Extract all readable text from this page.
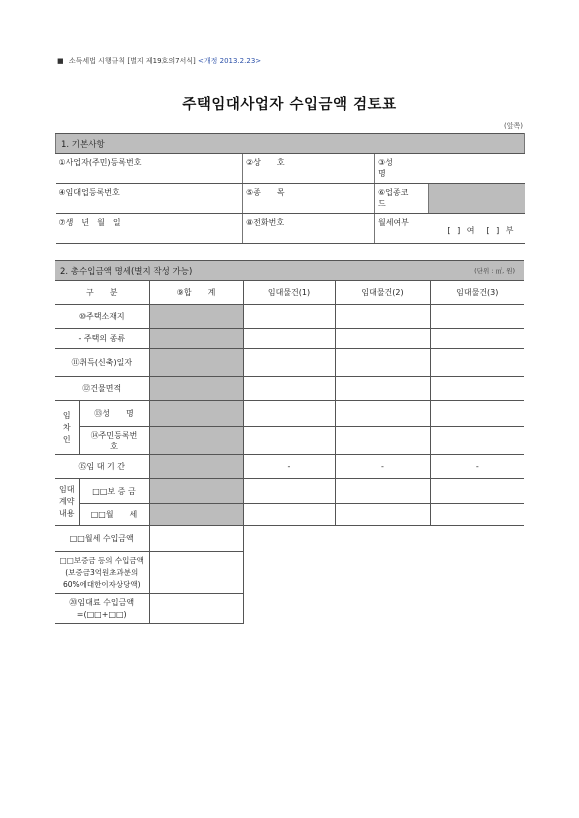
■ 소득세법 시행규칙 [별지 제19호의7서식] <개정 2013.2.23>
주택임대사업자 수입금액 검토표
(앞쪽)
1. 기본사항			
①사업자(주민)등록번호	②상　　호	③성
명	
④임대업등록번호	⑤종　　목	⑥업종코
드	
⑦생　년　월　일	⑧전화번호	월세여부
[ ] 여　[ ] 부	
2. 총수입금액 명세(별지 작성 가능) (단위 : ㎡, 원)					

구　　분		⑨합　　계	임대물건(1)	임대물건(2)	임대물건(3)
⑩주택소재지					
- 주택의 종류					
⑪취득(신축)일자					
⑫건물면적					
임
차
인	⑬성　　명				
	⑭주민등록번
호				
⑮임 대 기 간			-	-	-
임대
계약
내용	□□보 증 금				
	□□월　　세				
□□월세 수입금액					
□□보증금 등의 수입금액
(보증금3억원초과분의
60%에대한이자상당액)					
⑳임대료 수입금액
=(□□+□□)					
